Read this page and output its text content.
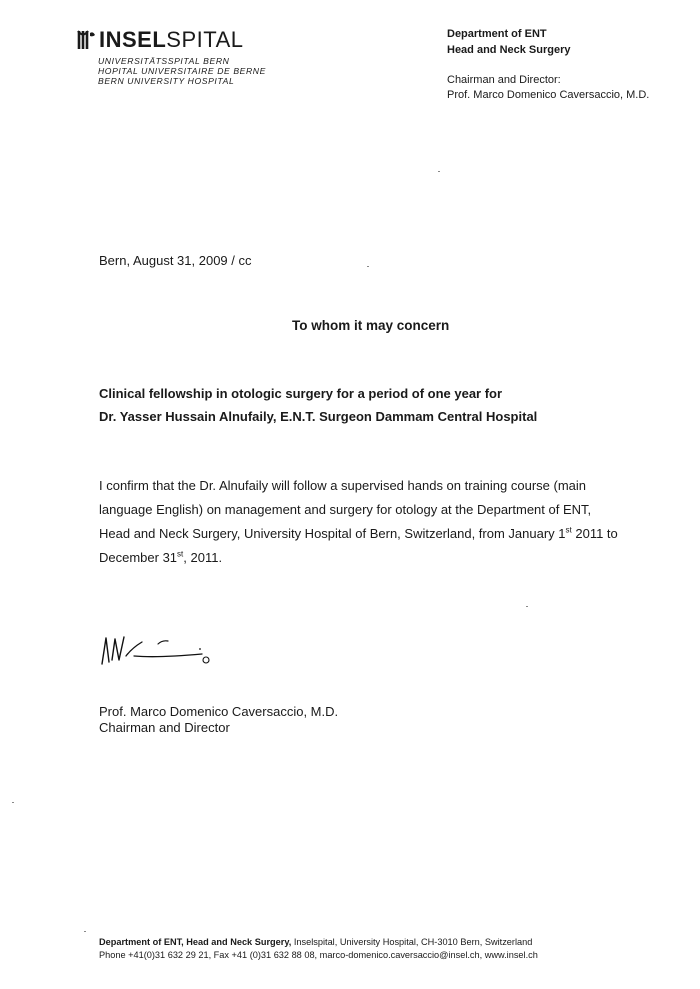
INSELSPITAL
UNIVERSITÄTSSPITAL BERN
HOPITAL UNIVERSITAIRE DE BERNE
BERN UNIVERSITY HOSPITAL
Department of ENT
Head and Neck Surgery
Chairman and Director:
Prof. Marco Domenico Caversaccio, M.D.
Bern, August 31, 2009 / cc
To whom it may concern
Clinical fellowship in otologic surgery for a period of one year for
Dr. Yasser Hussain Alnufaily, E.N.T. Surgeon Dammam Central Hospital
I confirm that the Dr. Alnufaily will follow a supervised hands on training course (main language English) on management and surgery for otology at the Department of ENT, Head and Neck Surgery, University Hospital of Bern, Switzerland, from January 1st 2011 to December 31st, 2011.
Prof. Marco Domenico Caversaccio, M.D.
Chairman and Director
Department of ENT, Head and Neck Surgery, Inselspital, University Hospital, CH-3010 Bern, Switzerland
Phone +41(0)31 632 29 21, Fax +41 (0)31 632 88 08, marco-domenico.caversaccio@insel.ch, www.insel.ch
